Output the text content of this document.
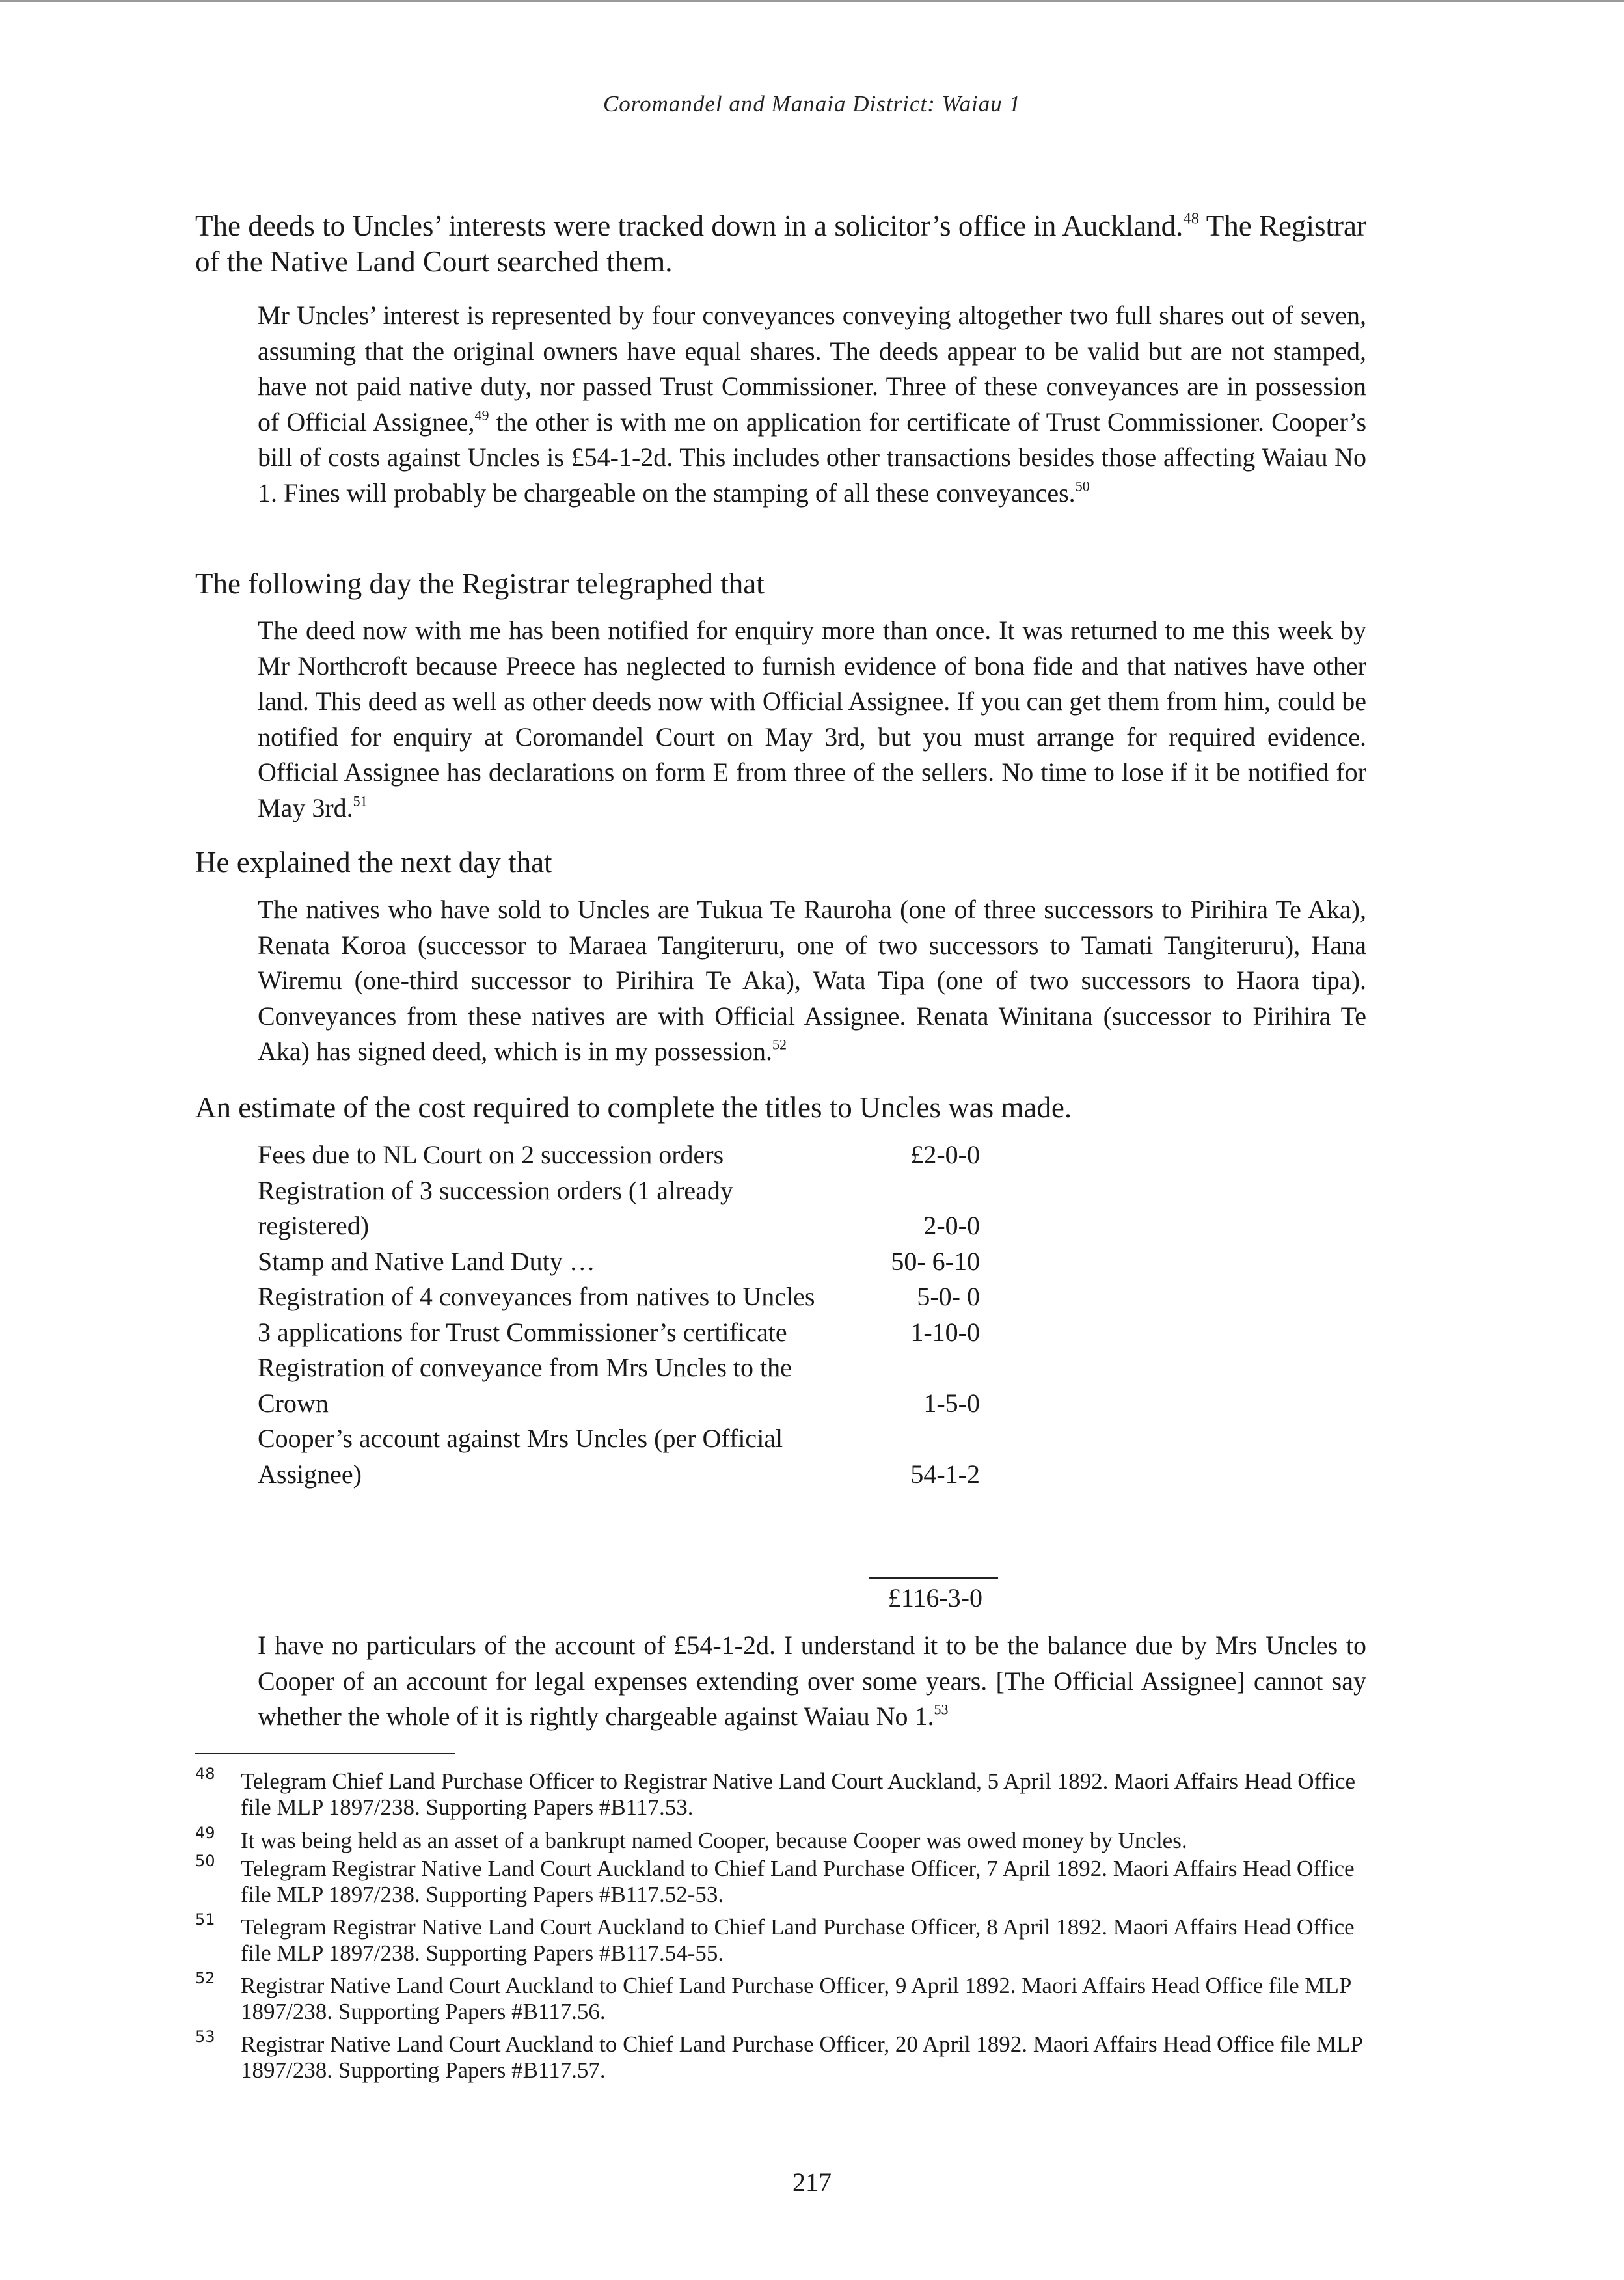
Coromandel and Manaia District: Waiau 1

The deeds to Uncles’ interests were tracked down in a solicitor’s office in Auckland.$^{48}$ The Registrar of the Native Land Court searched them.

Mr Uncles’ interest is represented by four conveyances conveying altogether two full shares out of seven, assuming that the original owners have equal shares. The deeds appear to be valid but are not stamped, have not paid native duty, nor passed Trust Commissioner. Three of these conveyances are in possession of Official Assignee,$^{49}$ the other is with me on application for certificate of Trust Commissioner. Cooper’s bill of costs against Uncles is £54-1-2d. This includes other transactions besides those affecting Waiau No 1. Fines will probably be chargeable on the stamping of all these conveyances.$^{50}$

The following day the Registrar telegraphed that

The deed now with me has been notified for enquiry more than once. It was returned to me this week by Mr Northcroft because Preece has neglected to furnish evidence of bona fide and that natives have other land. This deed as well as other deeds now with Official Assignee. If you can get them from him, could be notified for enquiry at Coromandel Court on May 3rd, but you must arrange for required evidence. Official Assignee has declarations on form E from three of the sellers. No time to lose if it be notified for May 3rd.$^{51}$

He explained the next day that

The natives who have sold to Uncles are Tukua Te Rauroha (one of three successors to Pirihira Te Aka), Renata Koroa (successor to Maraea Tangiteruru, one of two successors to Tamati Tangiteruru), Hana Wiremu (one-third successor to Pirihira Te Aka), Wata Tipa (one of two successors to Haora tipa). Conveyances from these natives are with Official Assignee. Renata Winitana (successor to Pirihira Te Aka) has signed deed, which is in my possession.$^{52}$

An estimate of the cost required to complete the titles to Uncles was made.

Fees due to NL Court on 2 succession orders	£2-0-0
Registration of 3 succession orders (1 already registered)	2-0-0
Stamp and Native Land Duty …	50- 6-10
Registration of 4 conveyances from natives to Uncles	5-0- 0
3 applications for Trust Commissioner’s certificate	1-10-0
Registration of conveyance from Mrs Uncles to the Crown	1-5-0
Cooper’s account against Mrs Uncles (per Official Assignee)	54-1-2
£116-3-0

I have no particulars of the account of £54-1-2d. I understand it to be the balance due by Mrs Uncles to Cooper of an account for legal expenses extending over some years. [The Official Assignee] cannot say whether the whole of it is rightly chargeable against Waiau No 1.53

48 Telegram Chief Land Purchase Officer to Registrar Native Land Court Auckland, 5 April 1892. Maori Affairs Head Office file MLP 1897/238. Supporting Papers #B117.53.
49 It was being held as an asset of a bankrupt named Cooper, because Cooper was owed money by Uncles.
50 Telegram Registrar Native Land Court Auckland to Chief Land Purchase Officer, 7 April 1892. Maori Affairs Head Office file MLP 1897/238. Supporting Papers #B117.52-53.
51 Telegram Registrar Native Land Court Auckland to Chief Land Purchase Officer, 8 April 1892. Maori Affairs Head Office file MLP 1897/238. Supporting Papers #B117.54-55.
52 Registrar Native Land Court Auckland to Chief Land Purchase Officer, 9 April 1892. Maori Affairs Head Office file MLP 1897/238. Supporting Papers #B117.56.
53 Registrar Native Land Court Auckland to Chief Land Purchase Officer, 20 April 1892. Maori Affairs Head Office file MLP 1897/238. Supporting Papers #B117.57.
217
